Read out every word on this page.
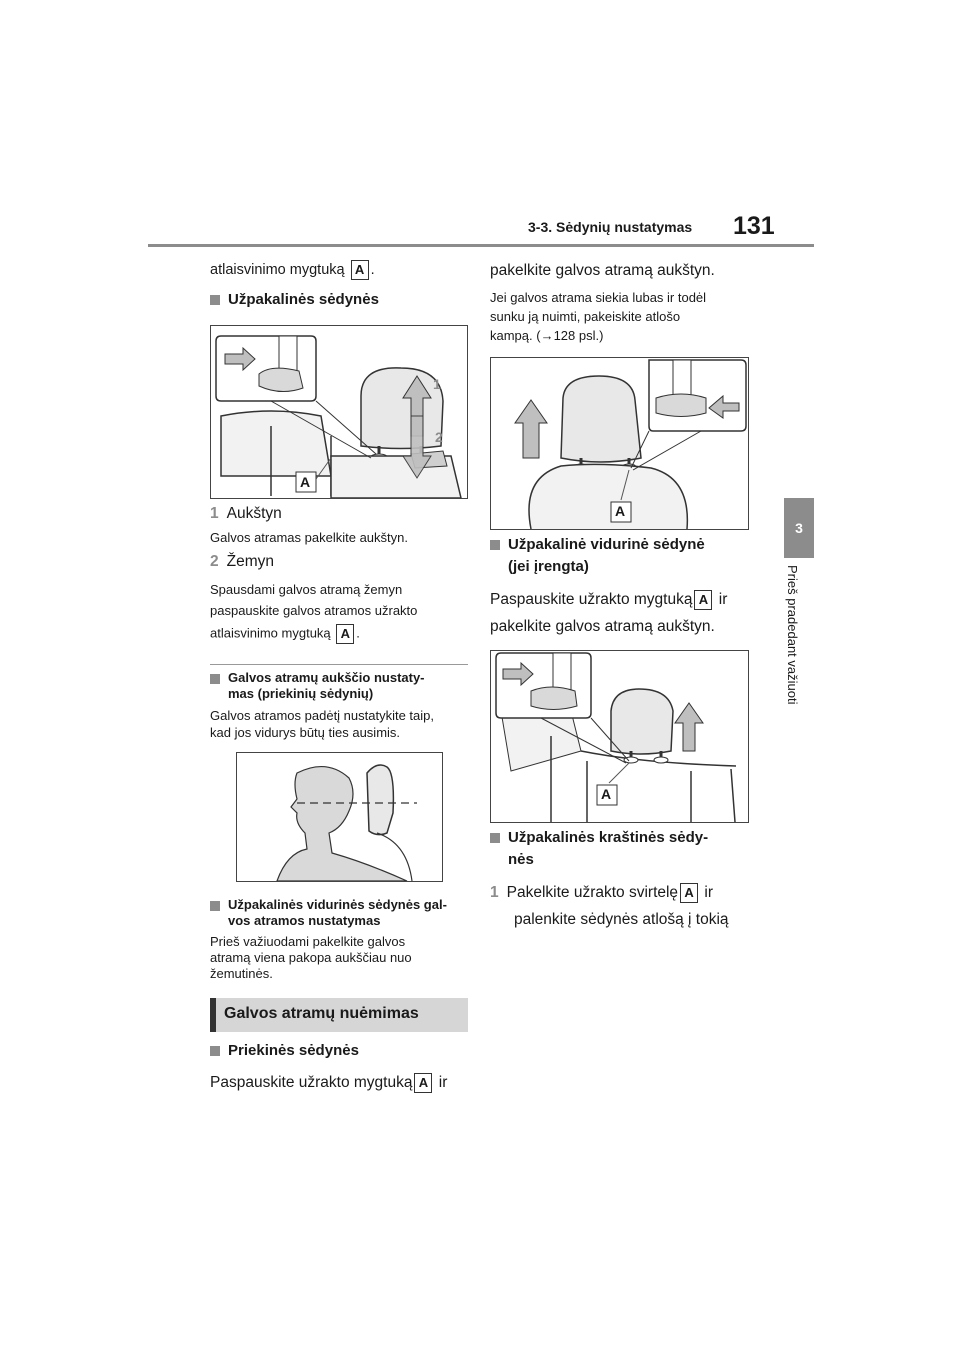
3-3. Sėdynių nustatymas 131
3
Prieš pradedant važiuoti
atlaisvinimo mygtuką A .
Užpakalinės sėdynės
1
2
A
1 Aukštyn
Galvos atramas pakelkite aukštyn.
2 Žemyn
Spausdami galvos atramą žemyn
paspauskite galvos atramos užrakto
atlaisvinimo mygtuką A .
Galvos atramų aukščio nustaty-
mas (priekinių sėdynių)
Galvos atramos padėtį nustatykite taip,
kad jos vidurys būtų ties ausimis.
Užpakalinės vidurinės sėdynės gal-
vos atramos nustatymas
Prieš važiuodami pakelkite galvos
atramą viena pakopa aukščiau nuo
žemutinės.
Galvos atramų nuėmimas
Priekinės sėdynės
Paspauskite užrakto mygtuką A ir
pakelkite galvos atramą aukštyn.
Jei galvos atrama siekia lubas ir todėl
sunku ją nuimti, pakeiskite atlošo
kampą. (→128 psl.)
A
Užpakalinė vidurinė sėdynė
(jei įrengta)
Paspauskite užrakto mygtuką A ir
pakelkite galvos atramą aukštyn.
A
Užpakalinės kraštinės sėdy-
nės
1 Pakelkite užrakto svirtelę A ir
palenkite sėdynės atlošą į tokią
